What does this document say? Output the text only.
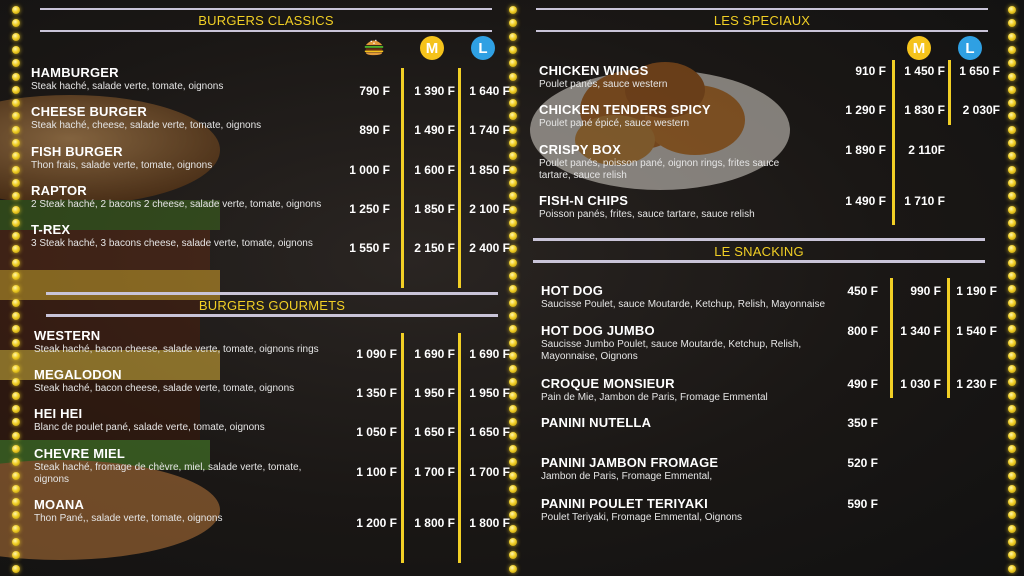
BURGERS CLASSICS
M	L
HAMBURGER
Steak haché, salade verte, tomate, oignons	790 F 1 390 F 1 640 F
CHEESE BURGER
Steak haché, cheese, salade verte, tomate, oignons	890 F 1 490 F 1 740 F
FISH BURGER
Thon frais, salade verte, tomate, oignons	1 000 F 1 600 F 1 850 F
RAPTOR
2 Steak haché, 2 bacons 2 cheese, salade verte, tomate, oignons	1 250 F 1 850 F 2 100 F
T-REX
3 Steak haché, 3 bacons cheese, salade verte, tomate, oignons	1 550 F 2 150 F 2 400 F
BURGERS GOURMETS
WESTERN
Steak haché, bacon cheese, salade verte, tomate, oignons rings	1 090 F 1 690 F 1 690 F
MEGALODON
Steak haché, bacon cheese, salade verte, tomate, oignons	1 350 F 1 950 F 1 950 F
HEI HEI
Blanc de poulet pané, salade verte, tomate, oignons	1 050 F 1 650 F 1 650 F
CHEVRE MIEL
Steak haché, fromage de chèvre, miel, salade verte, tomate, oignons
1 100 F 1 700 F 1 700 F
MOANA
Thon Pané,, salade verte, tomate, oignons	1 200 F 1 800 F 1 800 F
LES SPECIAUX
M	L
CHICKEN WINGS
Poulet panés, sauce western
910 F 1 450 F 1 650 F
CHICKEN TENDERS SPICY
Poulet pané épicé, sauce western
1 290 F 1 830 F 2 030F
CRISPY BOX
Poulet panés, poisson pané, oignon rings, frites sauce tartare, sauce relish
1 890 F 2 110F
FISH-N CHIPS
Poisson panés, frites, sauce tartare, sauce relish
1 490 F 1 710 F
LE SNACKING
HOT DOG
Saucisse Poulet, sauce Moutarde, Ketchup, Relish, Mayonnaise
450 F	990 F 1 190 F
HOT DOG JUMBO
Saucisse Jumbo Poulet, sauce Moutarde, Ketchup, Relish, Mayonnaise, Oignons
800 F 1 340 F 1 540 F
CROQUE MONSIEUR
Pain de Mie, Jambon de Paris, Fromage Emmental
490 F 1 030 F 1 230 F
PANINI NUTELLA	350 F
PANINI JAMBON FROMAGE
Jambon de Paris, Fromage Emmental,
520 F
PANINI POULET TERIYAKI
Poulet Teriyaki, Fromage Emmental, Oignons
590 F
